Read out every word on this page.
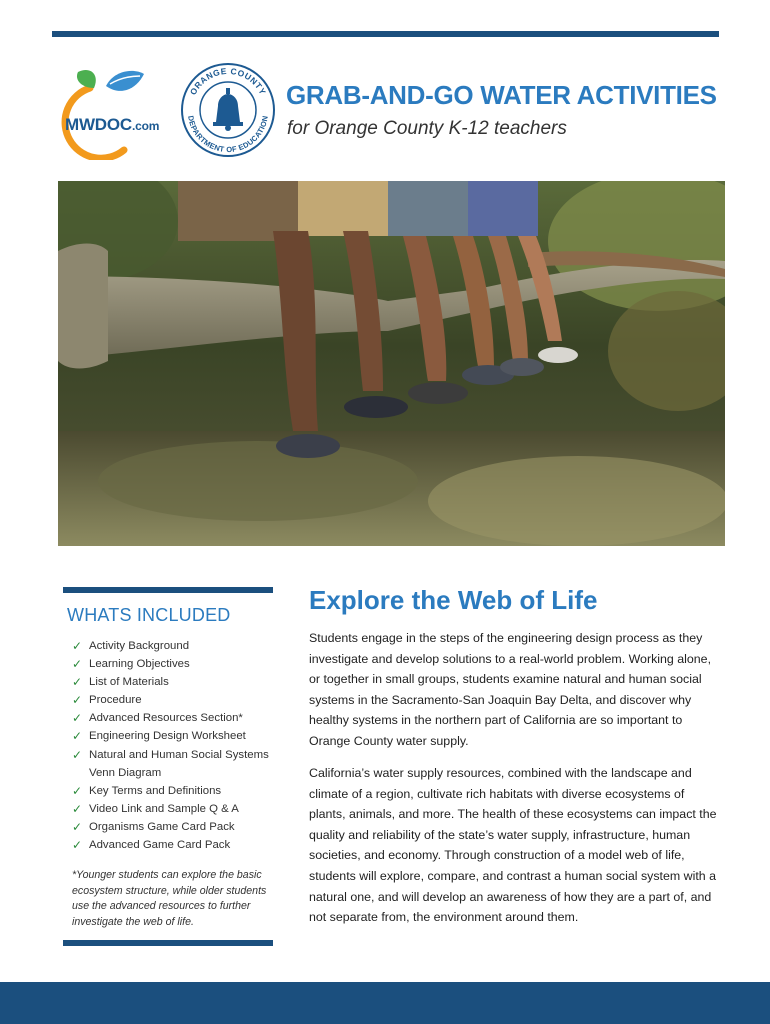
MWDOC.com
ORANGE COUNTY
DEPARTMENT OF EDUCATION
GRAB-AND-GO WATER ACTIVITIES
for Orange County K-12 teachers
WHATS INCLUDED
✓ Activity Background
✓ Learning Objectives
✓ List of Materials
✓ Procedure
✓ Advanced Resources Section*
✓ Engineering Design Worksheet
✓ Natural and Human Social Systems Venn Diagram
✓ Key Terms and Definitions
✓ Video Link and Sample Q & A
✓ Organisms Game Card Pack
✓ Advanced Game Card Pack
*Younger students can explore the basic ecosystem structure, while older students use the advanced resources to further investigate the web of life.
Explore the Web of Life

Students engage in the steps of the engineering design process as they investigate and develop solutions to a real-world problem. Working alone, or together in small groups, students examine natural and human social systems in the Sacramento-San Joaquin Bay Delta, and discover why healthy systems in the northern part of California are so important to Orange County water supply.

California’s water supply resources, combined with the landscape and climate of a region, cultivate rich habitats with diverse ecosystems of plants, animals, and more. The health of these ecosystems can impact the quality and reliability of the state’s water supply, infrastructure, human societies, and economy. Through construction of a model web of life, students will explore, compare, and contrast a human social system with a natural one, and will develop an awareness of how they are a part of, and not separate from, the environment around them.
